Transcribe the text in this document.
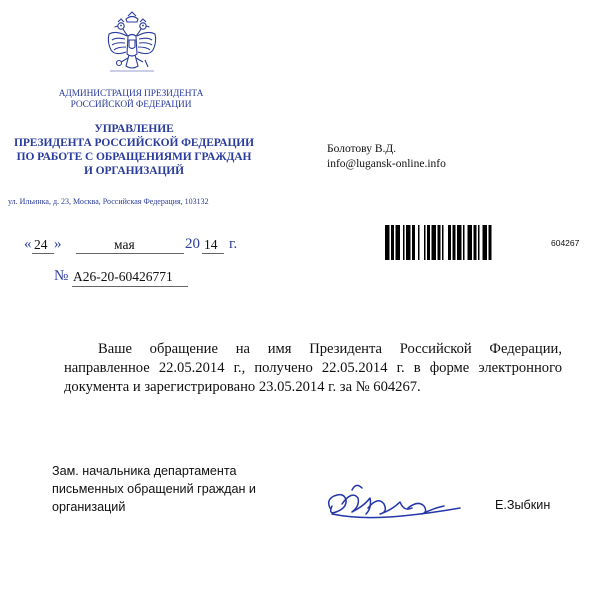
АДМИНИСТРАЦИЯ ПРЕЗИДЕНТА
РОССИЙСКОЙ ФЕДЕРАЦИИ
УПРАВЛЕНИЕ
ПРЕЗИДЕНТА РОССИЙСКОЙ ФЕДЕРАЦИИ
ПО РАБОТЕ С ОБРАЩЕНИЯМИ ГРАЖДАН
И ОРГАНИЗАЦИЙ
ул. Ильинка, д. 23, Москва, Российская Федерация, 103132
Болотову В.Д.
info@lugansk-online.info
« 24 »	мая	20 14 г.
№ А26-20-60426771
604267
Ваше обращение на имя Президента Российской Федерации, направленное 22.05.2014 г., получено 22.05.2014 г. в форме электронного документа и зарегистрировано 23.05.2014 г. за № 604267.
Зам. начальника департамента
письменных обращений граждан и
организаций	Е.Зыбкин
